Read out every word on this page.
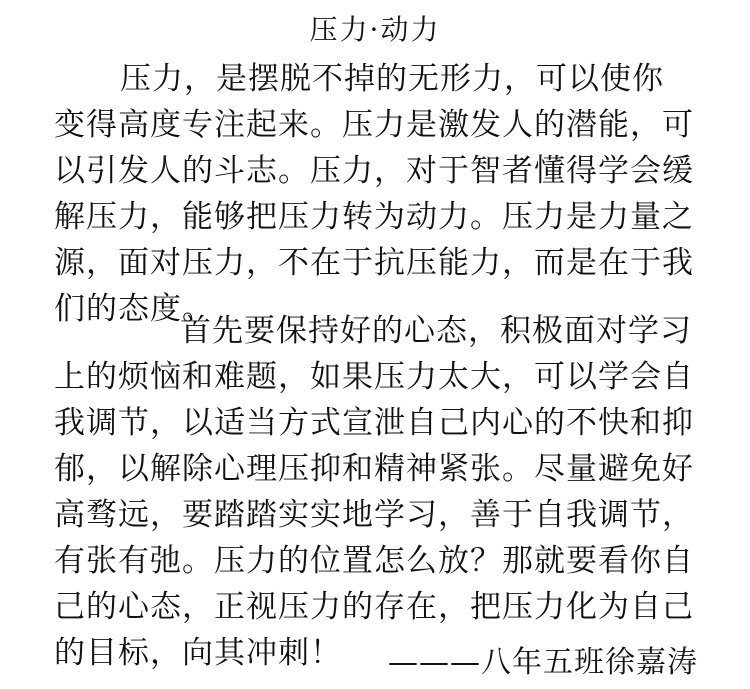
压力·动力
压力，是摆脱不掉的无形力，可以使你
变得高度专注起来。压力是激发人的潜能，可
以引发人的斗志。压力，对于智者懂得学会缓
解压力，能够把压力转为动力。压力是力量之
源，面对压力，不在于抗压能力，而是在于我
们的态度。
首先要保持好的心态，积极面对学习
上的烦恼和难题，如果压力太大，可以学会自
我调节，以适当方式宣泄自己内心的不快和抑
郁，以解除心理压抑和精神紧张。尽量避免好
高骛远，要踏踏实实地学习，善于自我调节，
有张有弛。压力的位置怎么放？那就要看你自
己的心态，正视压力的存在，把压力化为自己
的目标，向其冲刺！	———八年五班徐嘉涛
